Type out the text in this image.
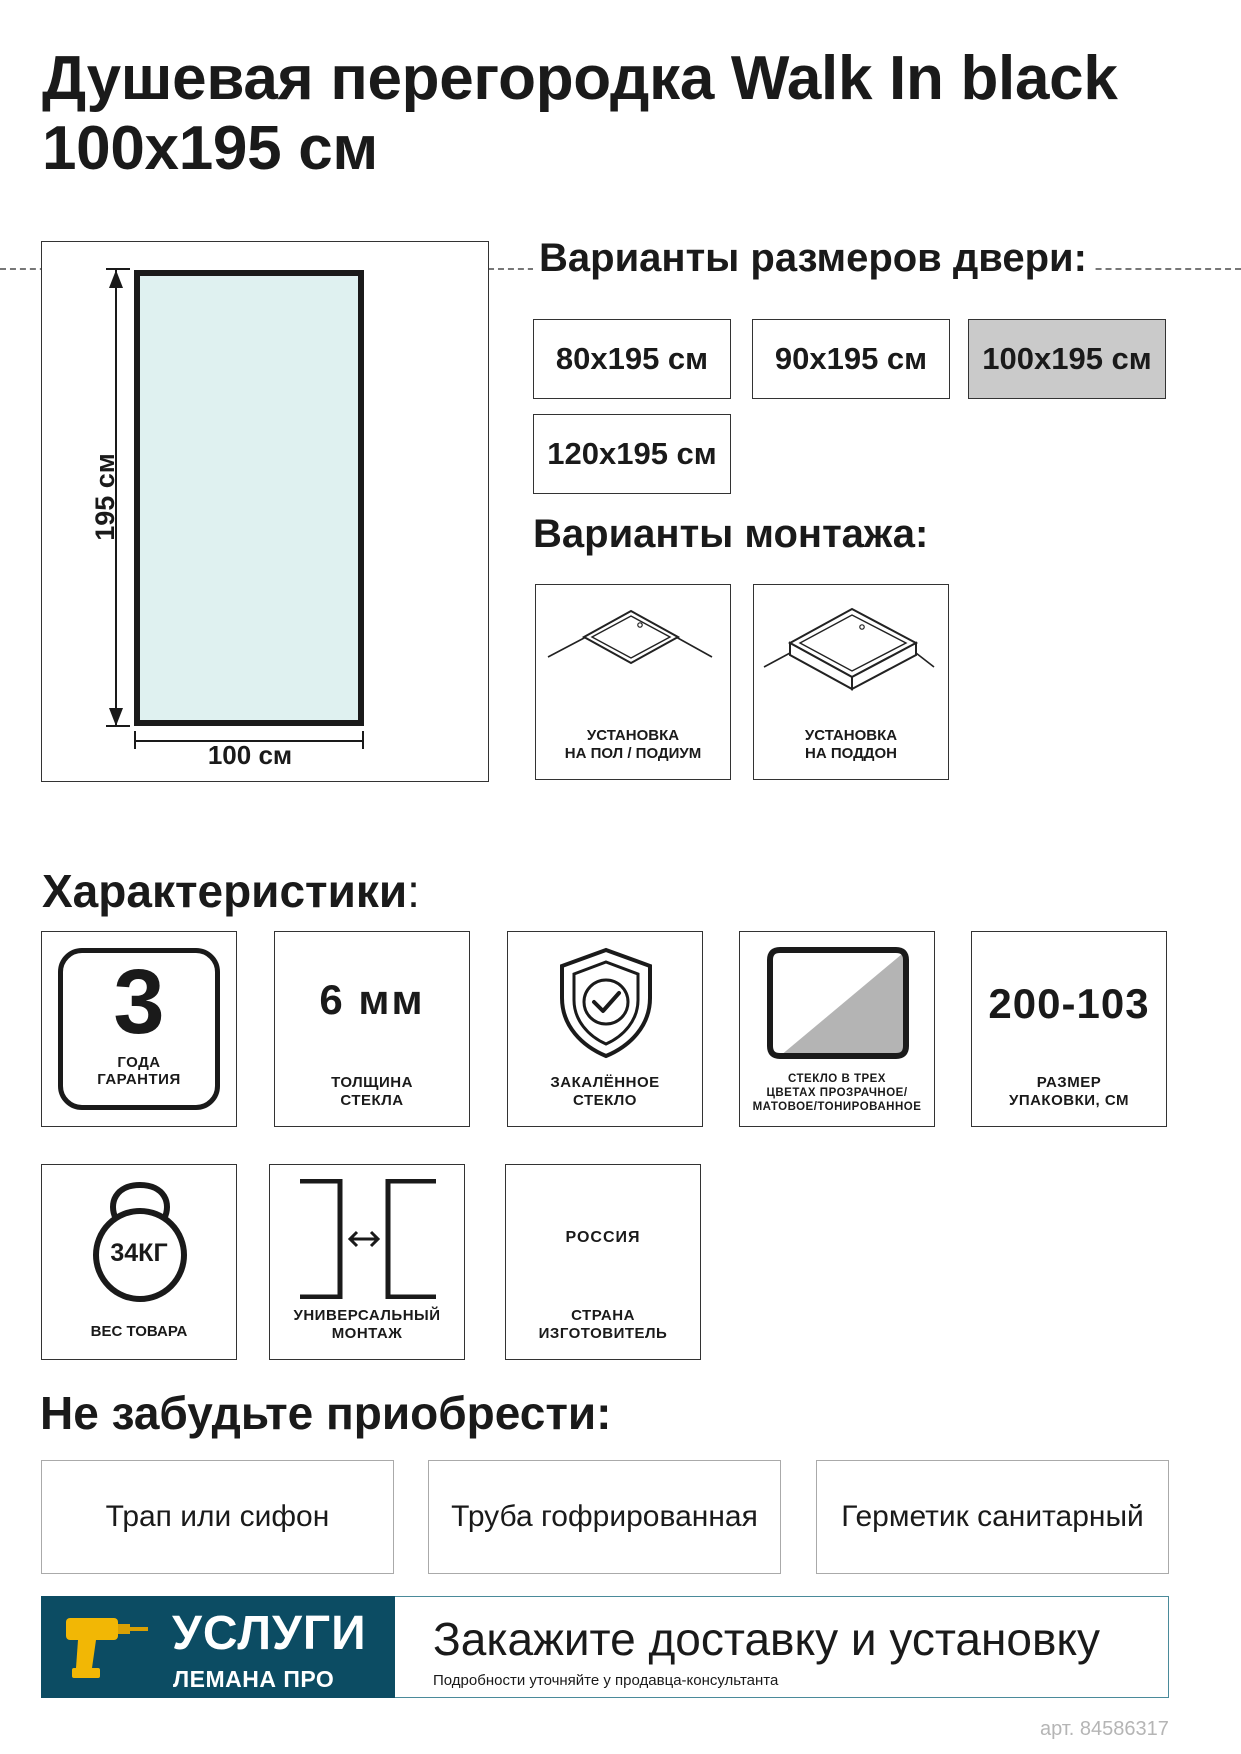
Душевая перегородка Walk In black
100x195 см
195 см
100 см
Варианты размеров двери:
80x195 см	90x195 см	100x195 см
120x195 см
Варианты монтажа:
УСТАНОВКА
НА ПОЛ / ПОДИУМ
УСТАНОВКА
НА ПОДДОН
Характеристики:
3
ГОДА
ГАРАНТИЯ
6 мм
ТОЛЩИНА
СТЕКЛА
ЗАКАЛЁННОЕ
СТЕКЛО
СТЕКЛО В ТРЕХ
ЦВЕТАХ ПРОЗРАЧНОЕ/
МАТОВОЕ/ТОНИРОВАННОЕ
200-103
РАЗМЕР
УПАКОВКИ, СМ
34КГ
ВЕС ТОВАРА
УНИВЕРСАЛЬНЫЙ
МОНТАЖ
РОССИЯ
СТРАНА
ИЗГОТОВИТЕЛЬ
Не забудьте приобрести:
Трап или сифон	Труба гофрированная	Герметик санитарный
УСЛУГИ
ЛЕМАНА ПРО
Закажите доставку и установку
Подробности уточняйте у продавца-консультанта
арт. 84586317
